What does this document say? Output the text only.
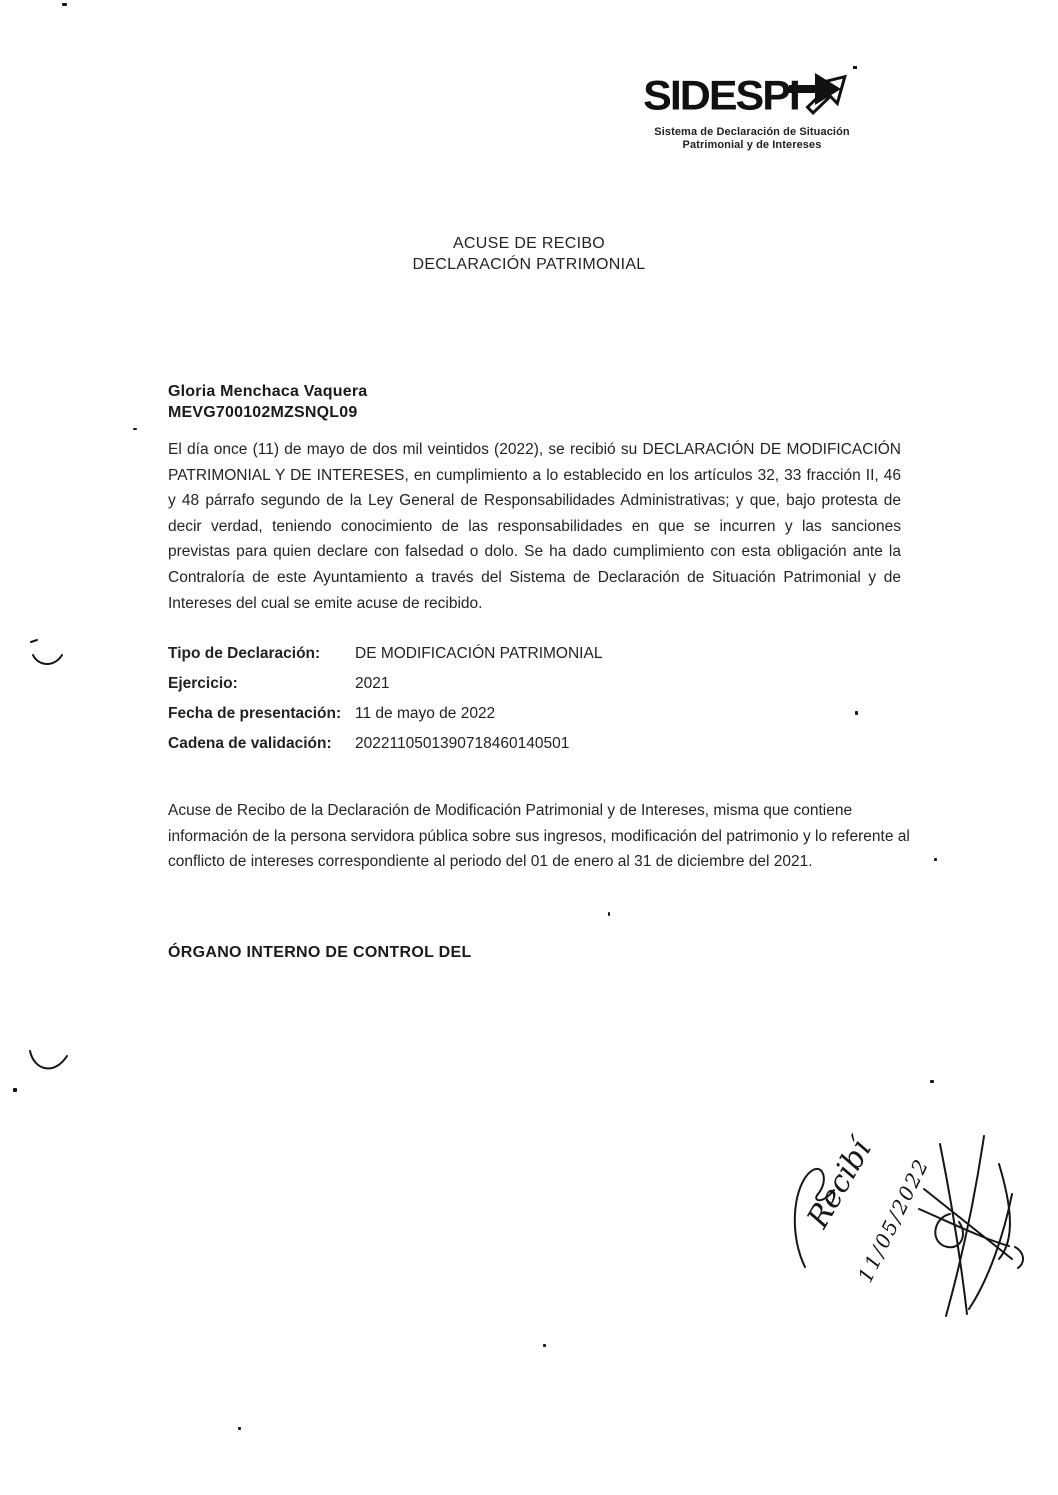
SIDESPI
Sistema de Declaración de Situación
Patrimonial y de Intereses
ACUSE DE RECIBO
DECLARACIÓN PATRIMONIAL
Gloria Menchaca Vaquera
MEVG700102MZSNQL09

El día once (11) de mayo de dos mil veintidos (2022), se recibió su DECLARACIÓN DE MODIFICACIÓN PATRIMONIAL Y DE INTERESES, en cumplimiento a lo establecido en los artículos 32, 33 fracción II, 46 y 48 párrafo segundo de la Ley General de Responsabilidades Administrativas; y que, bajo protesta de decir verdad, teniendo conocimiento de las responsabilidades en que se incurren y las sanciones previstas para quien declare con falsedad o dolo. Se ha dado cumplimiento con esta obligación ante la Contraloría de este Ayuntamiento a través del Sistema de Declaración de Situación Patrimonial y de Intereses del cual se emite acuse de recibido.

Tipo de Declaración:	DE MODIFICACIÓN PATRIMONIAL
Ejercicio:	2021
Fecha de presentación: 11 de mayo de 2022
Cadena de validación:	2022110501390718460140501

Acuse de Recibo de la Declaración de Modificación Patrimonial y de Intereses, misma que contiene información de la persona servidora pública sobre sus ingresos, modificación del patrimonio y lo referente al conflicto de intereses correspondiente al periodo del 01 de enero al 31 de diciembre del 2021.

ÓRGANO INTERNO DE CONTROL DEL
Recibí
11/05/2022
